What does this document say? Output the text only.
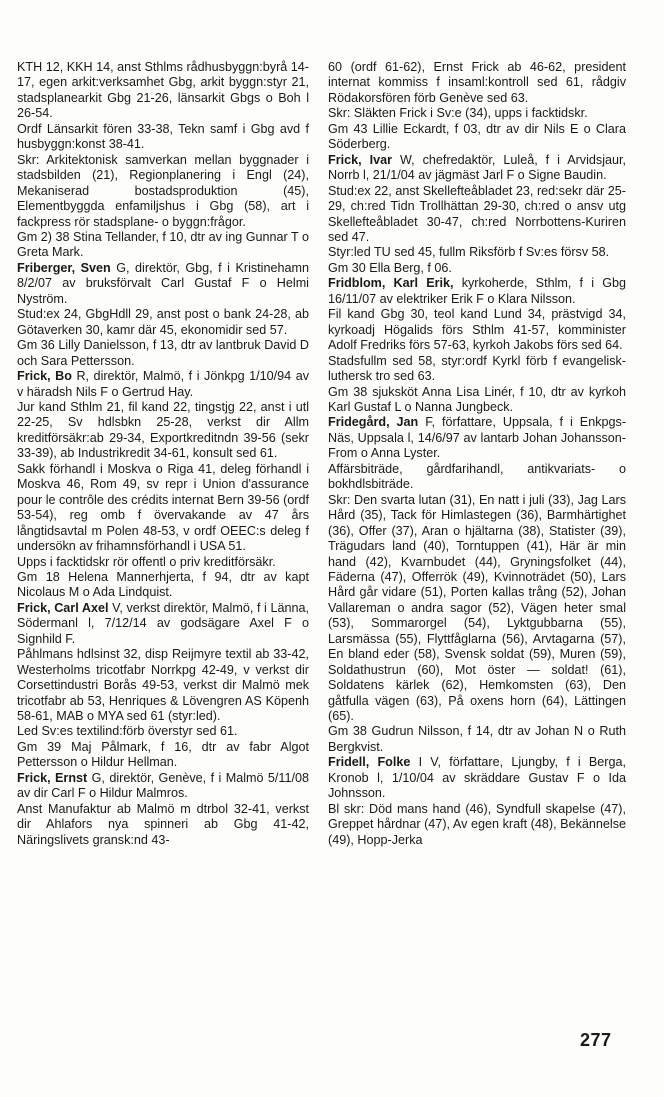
KTH 12, KKH 14, anst Sthlms rådhusbyggn:byrå 14-17, egen arkit:verksamhet Gbg, arkit byggn:styr 21, stadsplanearkit Gbg 21-26, länsarkit Gbgs o Boh l 26-54.

Ordf Länsarkit fören 33-38, Tekn samf i Gbg avd f husbyggn:konst 38-41.

Skr: Arkitektonisk samverkan mellan byggnader i stadsbilden (21), Regionplanering i Engl (24), Mekaniserad bostadsproduktion (45), Elementbyggda enfamiljshus i Gbg (58), art i fackpress rör stadsplane- o byggn:frågor.

Gm 2) 38 Stina Tellander, f 10, dtr av ing Gunnar T o Greta Mark.

Friberger, Sven G, direktör, Gbg, f i Kristinehamn 8/2/07 av bruksförvalt Carl Gustaf F o Helmi Nyström.

Stud:ex 24, GbgHdll 29, anst post o bank 24-28, ab Götaverken 30, kamr där 45, ekonomidir sed 57.

Gm 36 Lilly Danielsson, f 13, dtr av lantbruk David D och Sara Pettersson.

Frick, Bo R, direktör, Malmö, f i Jönkpg 1/10/94 av v häradsh Nils F o Gertrud Hay.

Jur kand Sthlm 21, fil kand 22, tingstjg 22, anst i utl 22-25, Sv hdlsbkn 25-28, verkst dir Allm kreditförsäkr:ab 29-34, Exportkreditndn 39-56 (sekr 33-39), ab Industrikredit 34-61, konsult sed 61.

Sakk förhandl i Moskva o Riga 41, deleg förhandl i Moskva 46, Rom 49, sv repr i Union d'assurance pour le contrôle des crédits internat Bern 39-56 (ordf 53-54), reg omb f övervakande av 47 års långtidsavtal m Polen 48-53, v ordf OEEC:s deleg f undersökn av frihamnsförhandl i USA 51.

Upps i facktidskr rör offentl o priv kreditförsäkr.

Gm 18 Helena Mannerhjerta, f 94, dtr av kapt Nicolaus M o Ada Lindquist.

Frick, Carl Axel V, verkst direktör, Malmö, f i Länna, Södermanl l, 7/12/14 av godsägare Axel F o Signhild F.

Påhlmans hdlsinst 32, disp Reijmyre textil ab 33-42, Westerholms tricotfabr Norrkpg 42-49, v verkst dir Corsettindustri Borås 49-53, verkst dir Malmö mek tricotfabr ab 53, Henriques & Lövengren AS Köpenh 58-61, MAB o MYA sed 61 (styr:led).

Led Sv:es textilind:förb överstyr sed 61.

Gm 39 Maj Pålmark, f 16, dtr av fabr Algot Pettersson o Hildur Hellman.

Frick, Ernst G, direktör, Genève, f i Malmö 5/11/08 av dir Carl F o Hildur Malmros.

Anst Manufaktur ab Malmö m dtrbol 32-41, verkst dir Ahlafors nya spinneri ab Gbg 41-42, Näringslivets gransk:nd 43-

60 (ordf 61-62), Ernst Frick ab 46-62, president internat kommiss f insaml:kontroll sed 61, rådgiv Rödakorsfören förb Genève sed 63.

Skr: Släkten Frick i Sv:e (34), upps i facktidskr.

Gm 43 Lillie Eckardt, f 03, dtr av dir Nils E o Clara Söderberg.

Frick, Ivar W, chefredaktör, Luleå, f i Arvidsjaur, Norrb l, 21/1/04 av jägmäst Jarl F o Signe Baudin.

Stud:ex 22, anst Skellefteåbladet 23, red:sekr där 25-29, ch:red Tidn Trollhättan 29-30, ch:red o ansv utg Skellefteåbladet 30-47, ch:red Norrbottens-Kuriren sed 47.

Styr:led TU sed 45, fullm Riksförb f Sv:es försv 58.

Gm 30 Ella Berg, f 06.

Fridblom, Karl Erik, kyrkoherde, Sthlm, f i Gbg 16/11/07 av elektriker Erik F o Klara Nilsson.

Fil kand Gbg 30, teol kand Lund 34, prästvigd 34, kyrkoadj Högalids förs Sthlm 41-57, komminister Adolf Fredriks förs 57-63, kyrkoh Jakobs förs sed 64.

Stadsfullm sed 58, styr:ordf Kyrkl förb f evangelisk-luthersk tro sed 63.

Gm 38 sjuksköt Anna Lisa Linér, f 10, dtr av kyrkoh Karl Gustaf L o Nanna Jungbeck.

Fridegård, Jan F, författare, Uppsala, f i Enkpgs-Näs, Uppsala l, 14/6/97 av lantarb Johan Johansson-From o Anna Lyster.

Affärsbiträde, gårdfarihandl, antikvariats- o bokhdlsbiträde.

Skr: Den svarta lutan (31), En natt i juli (33), Jag Lars Hård (35), Tack för Himlastegen (36), Barmhärtighet (36), Offer (37), Aran o hjältarna (38), Statister (39), Trägudars land (40), Torntuppen (41), Här är min hand (42), Kvarnbudet (44), Gryningsfolket (44), Fäderna (47), Offerrök (49), Kvinnoträdet (50), Lars Hård går vidare (51), Porten kallas trång (52), Johan Vallareman o andra sagor (52), Vägen heter smal (53), Sommarorgel (54), Lyktgubbarna (55), Larsmässa (55), Flyttfåglarna (56), Arvtagarna (57), En bland eder (58), Svensk soldat (59), Muren (59), Soldathustrun (60), Mot öster — soldat! (61), Soldatens kärlek (62), Hemkomsten (63), Den gåtfulla vägen (63), På oxens horn (64), Lättingen (65).

Gm 38 Gudrun Nilsson, f 14, dtr av Johan N o Ruth Bergkvist.

Fridell, Folke I V, författare, Ljungby, f i Berga, Kronob l, 1/10/04 av skräddare Gustav F o Ida Johnsson.

Bl skr: Död mans hand (46), Syndfull skapelse (47), Greppet hårdnar (47), Av egen kraft (48), Bekännelse (49), Hopp-Jerka

277
